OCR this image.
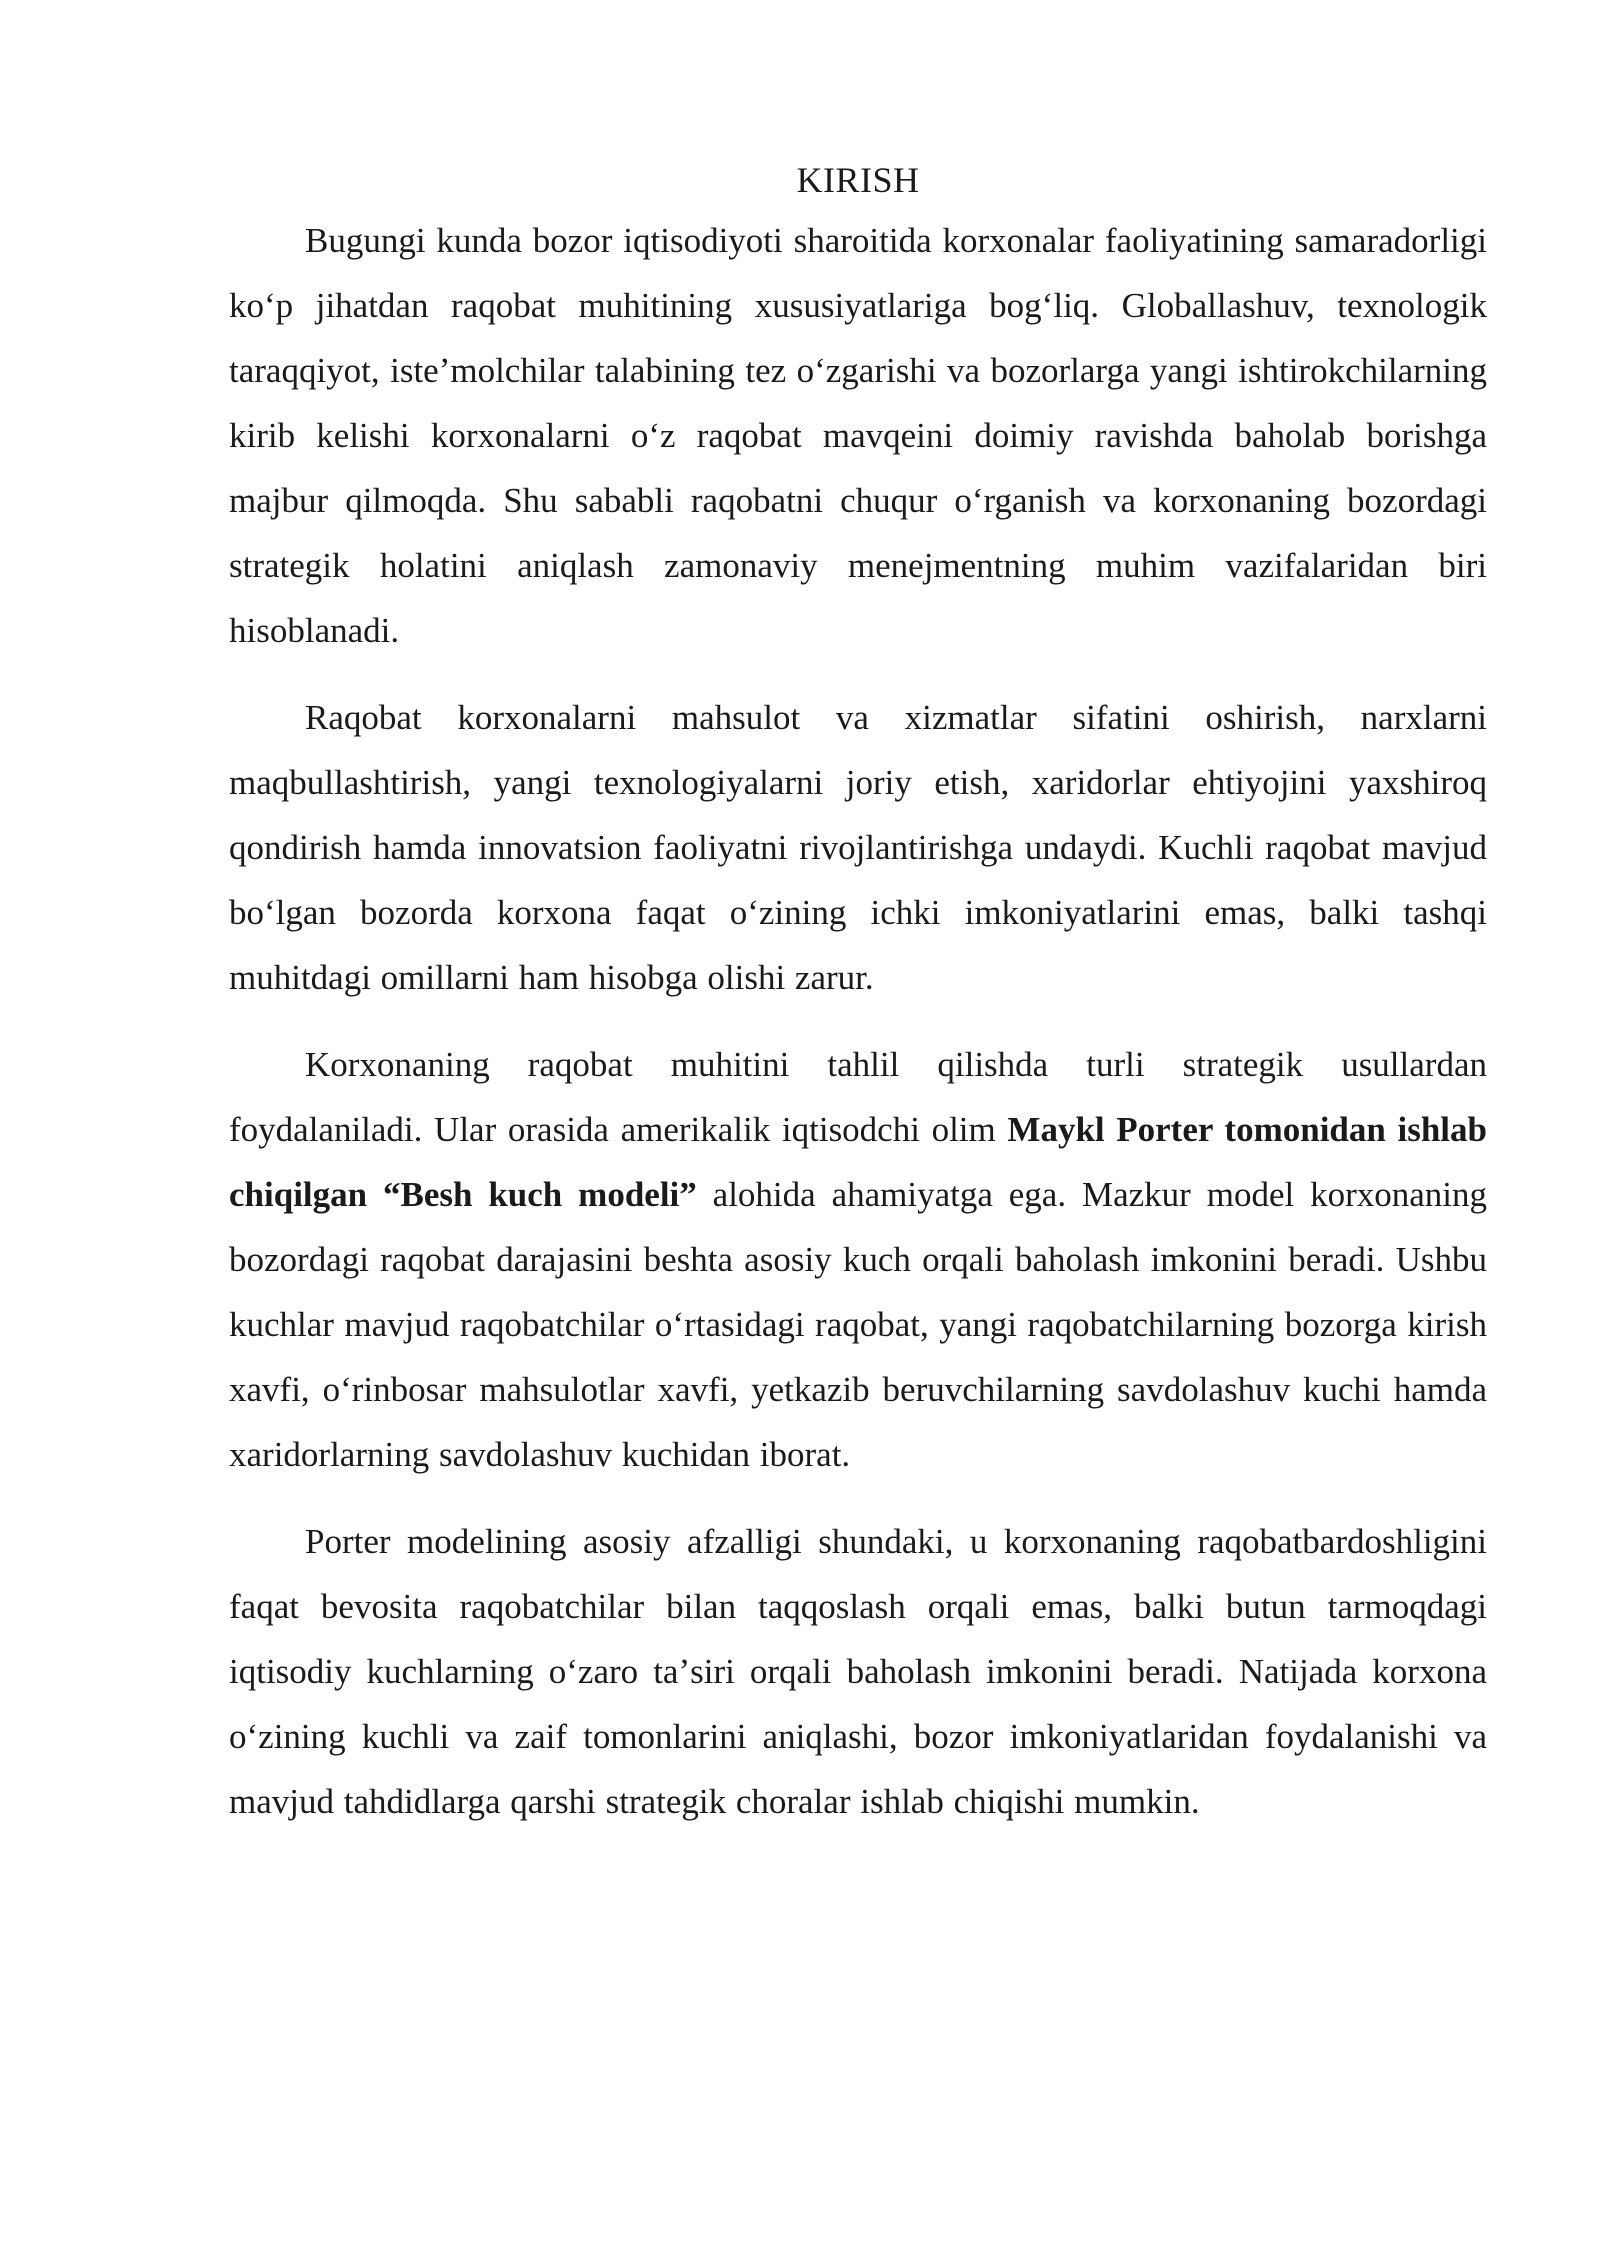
KIRISH

Bugungi kunda bozor iqtisodiyoti sharoitida korxonalar faoliyatining samaradorligi koʻp jihatdan raqobat muhitining xususiyatlariga bogʻliq. Globallashuv, texnologik taraqqiyot, isteʼmolchilar talabining tez oʻzgarishi va bozorlarga yangi ishtirokchilarning kirib kelishi korxonalarni oʻz raqobat mavqeini doimiy ravishda baholab borishga majbur qilmoqda. Shu sababli raqobatni chuqur oʻrganish va korxonaning bozordagi strategik holatini aniqlash zamonaviy menejmentning muhim vazifalaridan biri hisoblanadi.

Raqobat korxonalarni mahsulot va xizmatlar sifatini oshirish, narxlarni maqbullashtirish, yangi texnologiyalarni joriy etish, xaridorlar ehtiyojini yaxshiroq qondirish hamda innovatsion faoliyatni rivojlantirishga undaydi. Kuchli raqobat mavjud boʻlgan bozorda korxona faqat oʻzining ichki imkoniyatlarini emas, balki tashqi muhitdagi omillarni ham hisobga olishi zarur.

Korxonaning raqobat muhitini tahlil qilishda turli strategik usullardan foydalaniladi. Ular orasida amerikalik iqtisodchi olim Maykl Porter tomonidan ishlab chiqilgan “Besh kuch modeli” alohida ahamiyatga ega. Mazkur model korxonaning bozordagi raqobat darajasini beshta asosiy kuch orqali baholash imkonini beradi. Ushbu kuchlar mavjud raqobatchilar oʻrtasidagi raqobat, yangi raqobatchilarning bozorga kirish xavfi, oʻrinbosar mahsulotlar xavfi, yetkazib beruvchilarning savdolashuv kuchi hamda xaridorlarning savdolashuv kuchidan iborat.

Porter modelining asosiy afzalligi shundaki, u korxonaning raqobatbardoshligini faqat bevosita raqobatchilar bilan taqqoslash orqali emas, balki butun tarmoqdagi iqtisodiy kuchlarning oʻzaro taʼsiri orqali baholash imkonini beradi. Natijada korxona oʻzining kuchli va zaif tomonlarini aniqlashi, bozor imkoniyatlaridan foydalanishi va mavjud tahdidlarga qarshi strategik choralar ishlab chiqishi mumkin.
